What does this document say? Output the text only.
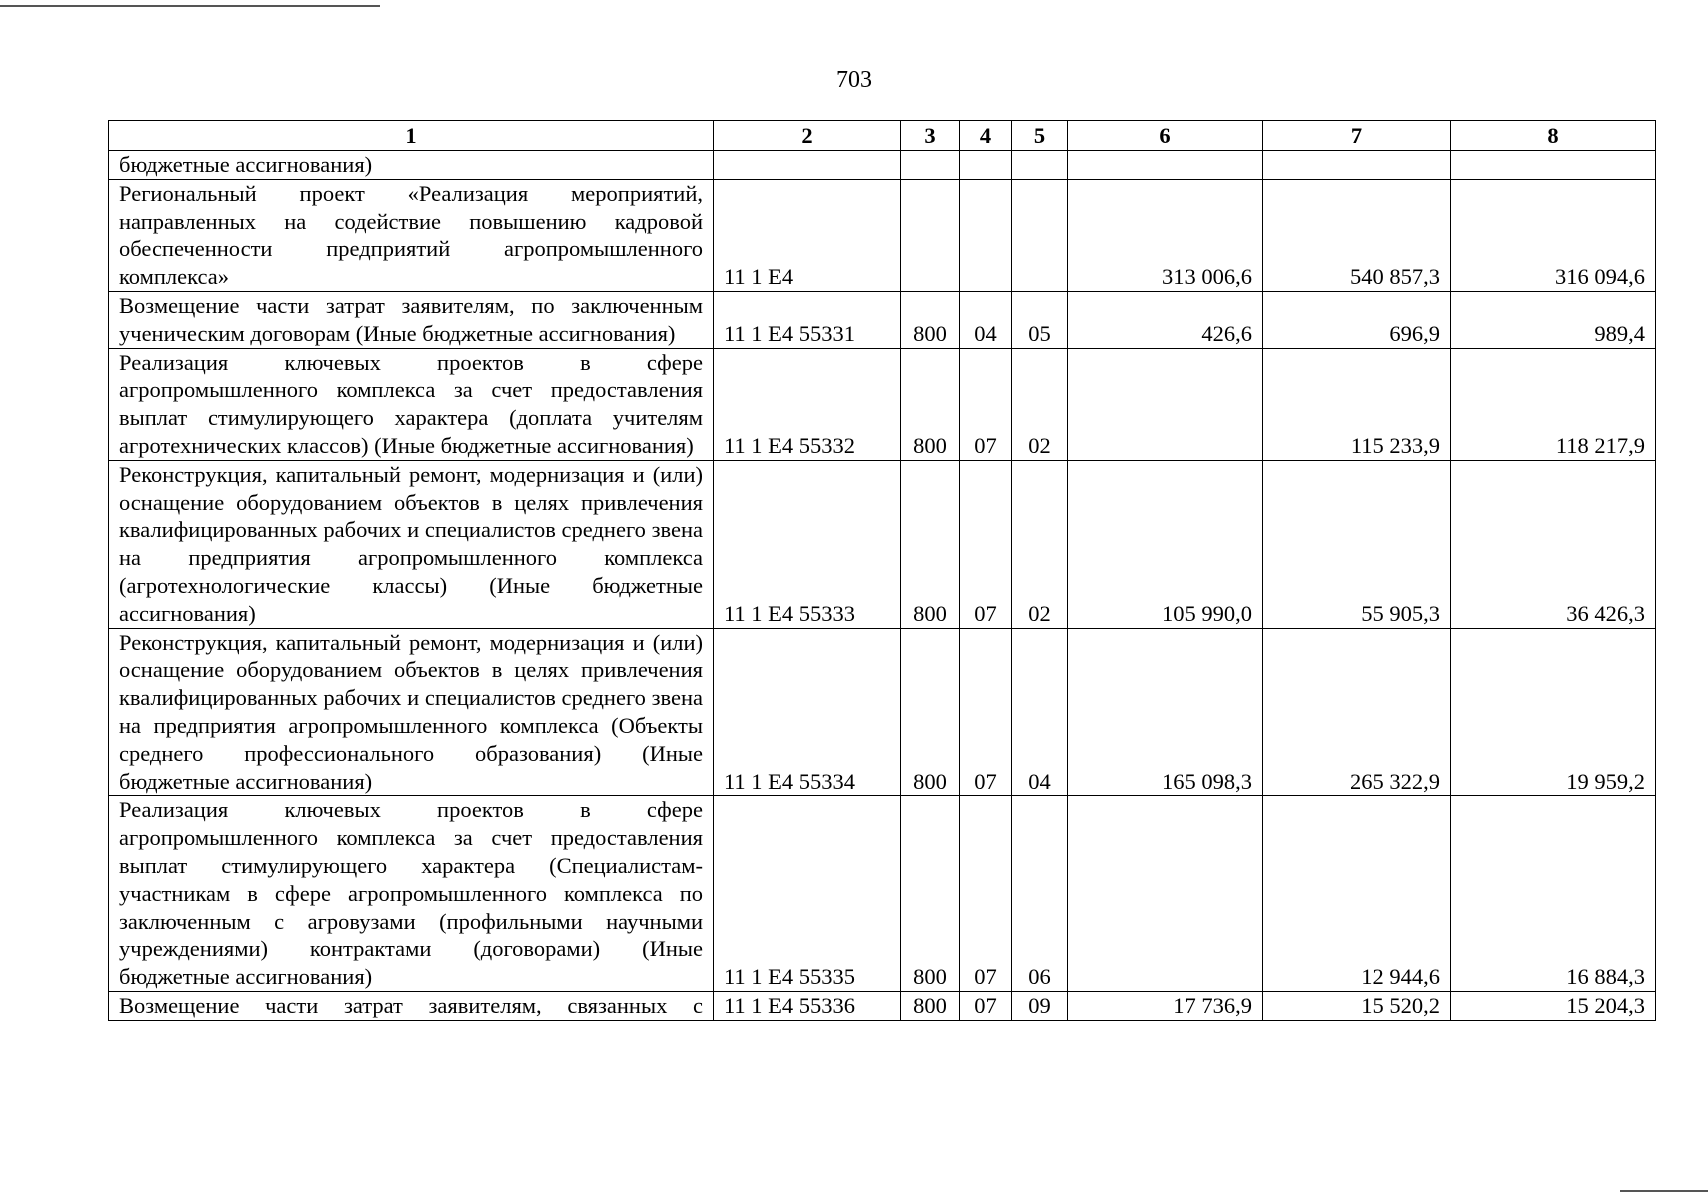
703
1	2	3	4	5	6	7	8
бюджетные ассигнования)							
Региональный проект «Реализация мероприятий, направленных на содействие повышению кадровой обеспеченности предприятий агропромышленного комплекса»	11 1 E4				313 006,6	540 857,3	316 094,6
Возмещение части затрат заявителям, по заключенным ученическим договорам (Иные бюджетные ассигнования)	11 1 E4 55331	800	04	05	426,6	696,9	989,4
Реализация ключевых проектов в сфере агропромышленного комплекса за счет предоставления выплат стимулирующего характера (доплата учителям агротехнических классов) (Иные бюджетные ассигнования)	11 1 E4 55332	800	07	02		115 233,9	118 217,9
Реконструкция, капитальный ремонт, модернизация и (или) оснащение оборудованием объектов в целях привлечения квалифицированных рабочих и специалистов среднего звена на предприятия агропромышленного комплекса (агротехнологические классы) (Иные бюджетные ассигнования)	11 1 E4 55333	800	07	02	105 990,0	55 905,3	36 426,3
Реконструкция, капитальный ремонт, модернизация и (или) оснащение оборудованием объектов в целях привлечения квалифицированных рабочих и специалистов среднего звена на предприятия агропромышленного комплекса (Объекты среднего профессионального образования) (Иные бюджетные ассигнования)	11 1 E4 55334	800	07	04	165 098,3	265 322,9	19 959,2
Реализация ключевых проектов в сфере агропромышленного комплекса за счет предоставления выплат стимулирующего характера (Специалистам-участникам в сфере агропромышленного комплекса по заключенным с агровузами (профильными научными учреждениями) контрактами (договорами) (Иные бюджетные ассигнования)	11 1 E4 55335	800	07	06		12 944,6	16 884,3
Возмещение части затрат заявителям, связанных с	11 1 E4 55336	800	07	09	17 736,9	15 520,2	15 204,3
